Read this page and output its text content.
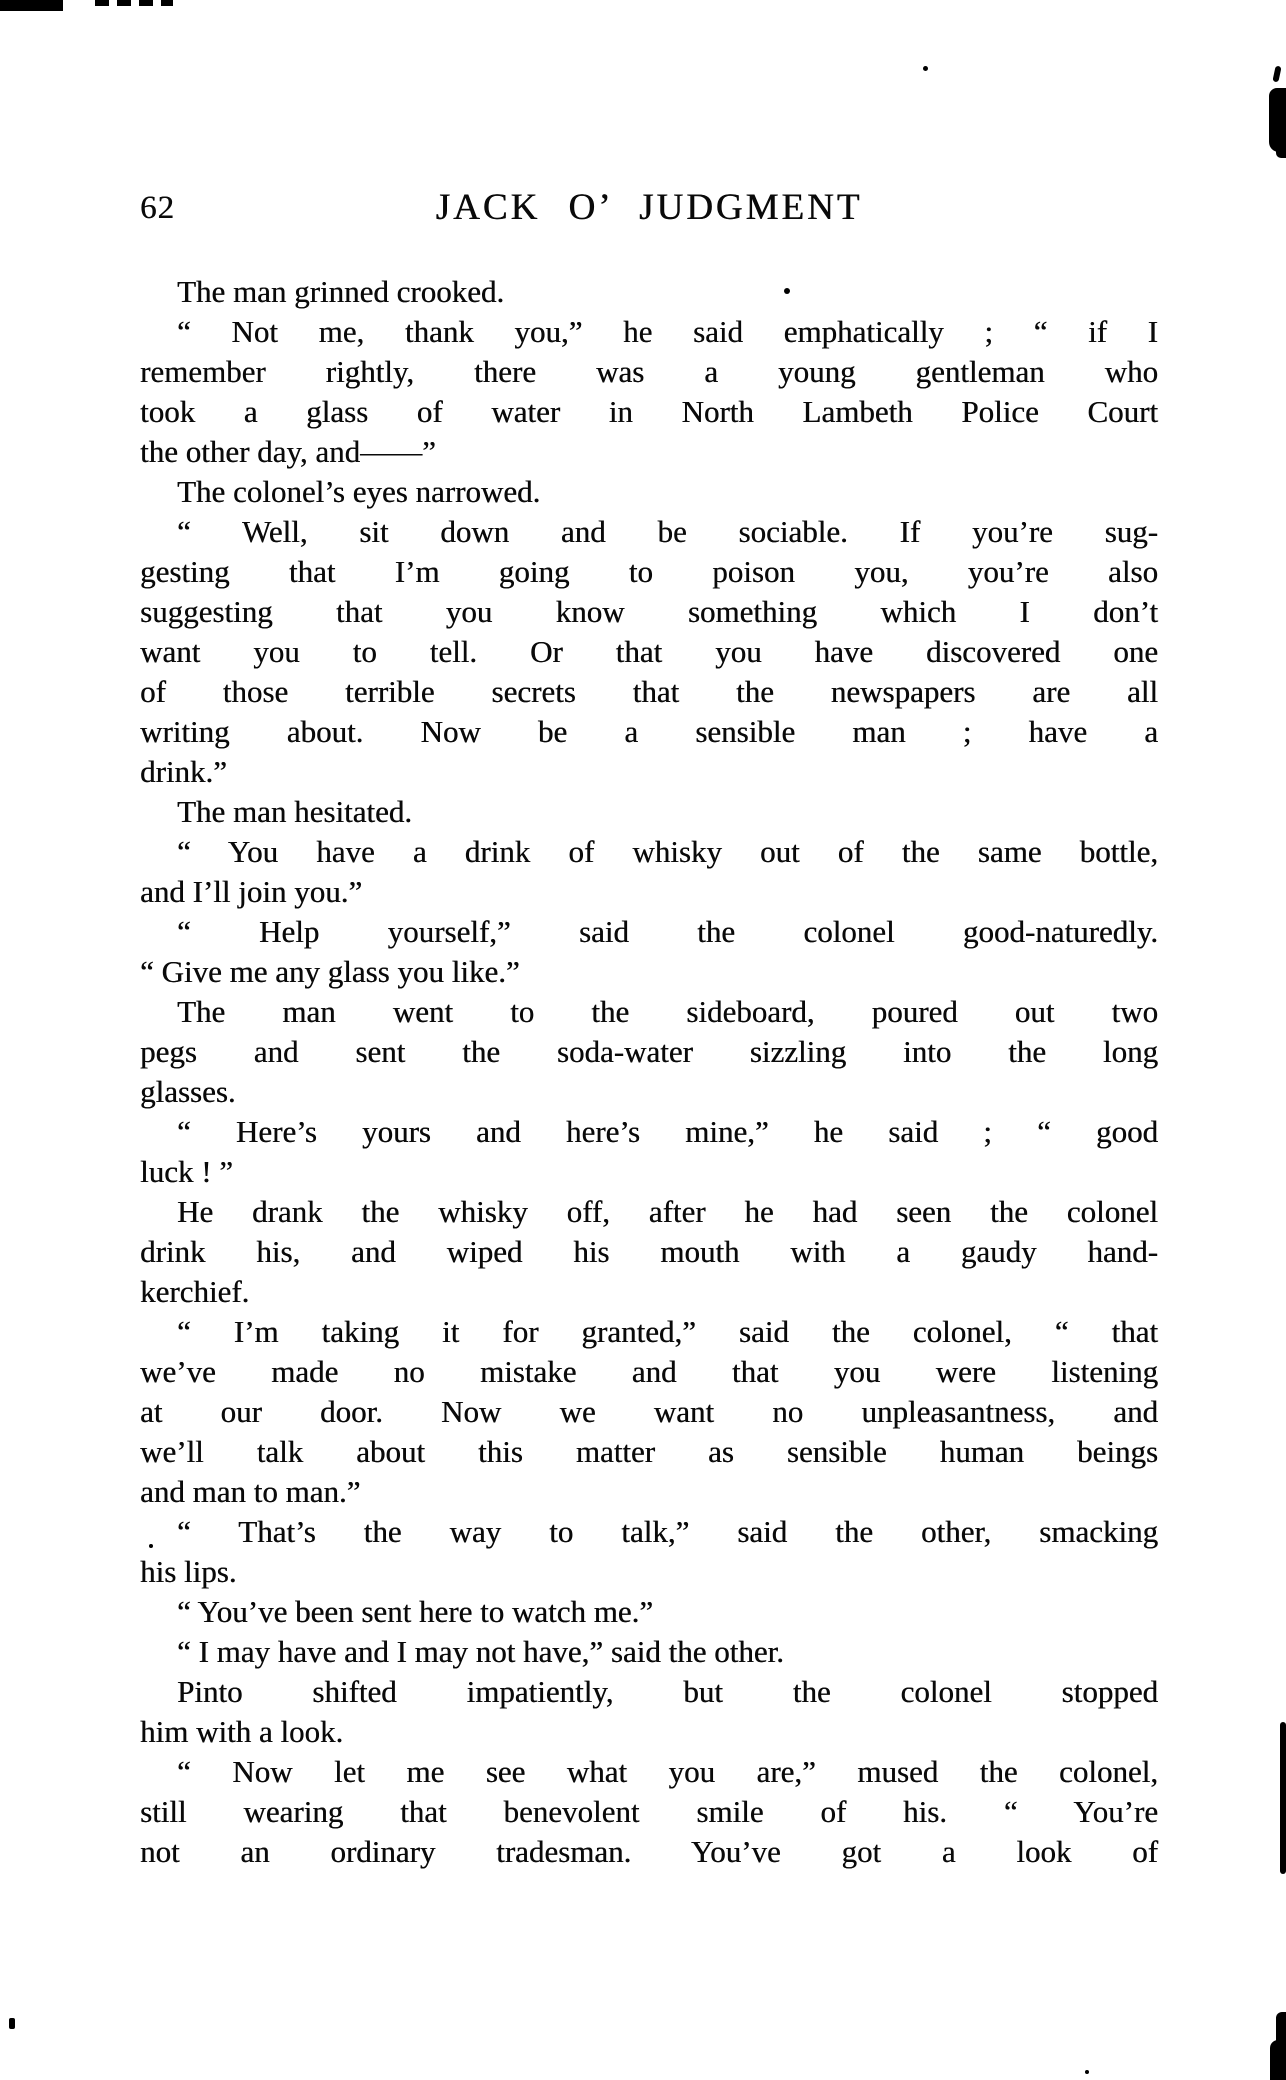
62	JACK O’ JUDGMENT
The man grinned crooked.
“ Not me, thank you,” he said emphatically ; “ if I
remember rightly, there was a young gentleman who
took a glass of water in North Lambeth Police Court
the other day, and——”
The colonel’s eyes narrowed.
“ Well, sit down and be sociable. If you’re sug-
gesting that I’m going to poison you, you’re also
suggesting that you know something which I don’t
want you to tell. Or that you have discovered one
of those terrible secrets that the newspapers are all
writing about. Now be a sensible man ; have a
drink.”
The man hesitated.
“ You have a drink of whisky out of the same bottle,
and I’ll join you.”
“ Help yourself,” said the colonel good-naturedly.
“ Give me any glass you like.”
The man went to the sideboard, poured out two
pegs and sent the soda-water sizzling into the long
glasses.
“ Here’s yours and here’s mine,” he said ; “ good
luck ! ”
He drank the whisky off, after he had seen the colonel
drink his, and wiped his mouth with a gaudy hand-
kerchief.
“ I’m taking it for granted,” said the colonel, “ that
we’ve made no mistake and that you were listening
at our door. Now we want no unpleasantness, and
we’ll talk about this matter as sensible human beings
and man to man.”
“ That’s the way to talk,” said the other, smacking
his lips.
“ You’ve been sent here to watch me.”
“ I may have and I may not have,” said the other.
Pinto shifted impatiently, but the colonel stopped
him with a look.
“ Now let me see what you are,” mused the colonel,
still wearing that benevolent smile of his. “ You’re
not an ordinary tradesman. You’ve got a look of
